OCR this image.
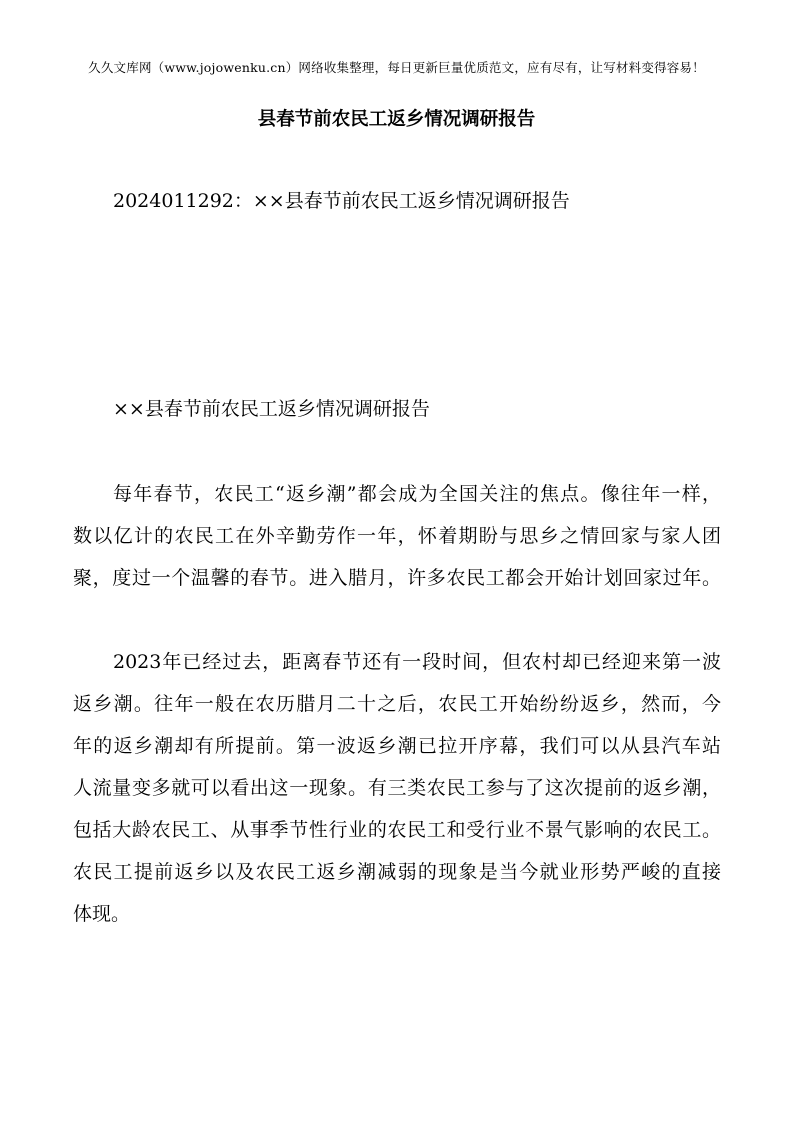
久久文库网（www.jojowenku.cn）网络收集整理，每日更新巨量优质范文，应有尽有，让写材料变得容易！
县春节前农民工返乡情况调研报告
2024011292：××县春节前农民工返乡情况调研报告
××县春节前农民工返乡情况调研报告
每年春节，农民工“返乡潮”都会成为全国关注的焦点。像往年一样，
数以亿计的农民工在外辛勤劳作一年，怀着期盼与思乡之情回家与家人团
聚，度过一个温馨的春节。进入腊月，许多农民工都会开始计划回家过年。
2023年已经过去，距离春节还有一段时间，但农村却已经迎来第一波
返乡潮。往年一般在农历腊月二十之后，农民工开始纷纷返乡，然而，今
年的返乡潮却有所提前。第一波返乡潮已拉开序幕，我们可以从县汽车站
人流量变多就可以看出这一现象。有三类农民工参与了这次提前的返乡潮，
包括大龄农民工、从事季节性行业的农民工和受行业不景气影响的农民工。
农民工提前返乡以及农民工返乡潮减弱的现象是当今就业形势严峻的直接
体现。
